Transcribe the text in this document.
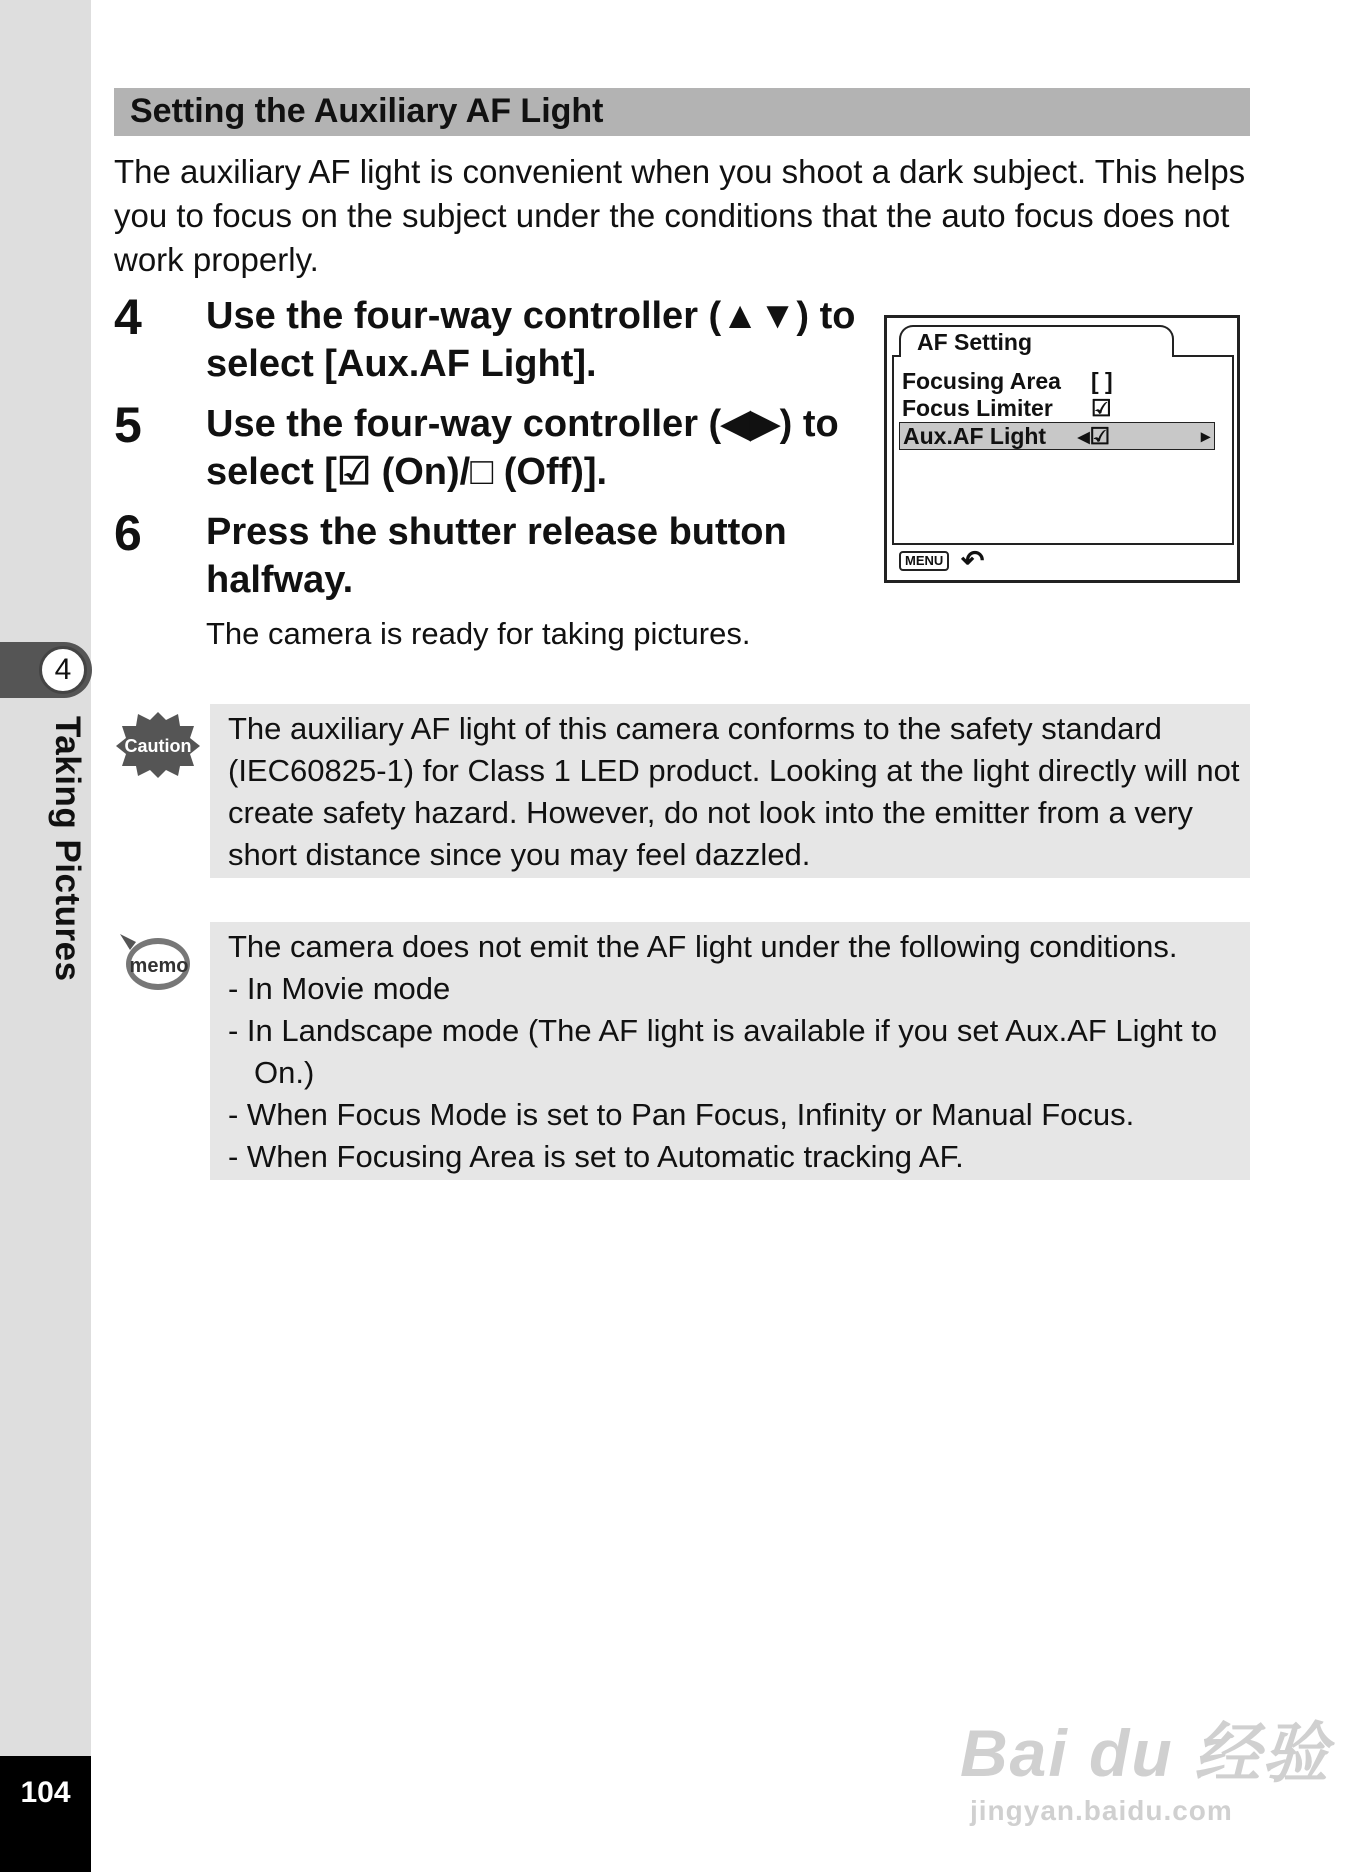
4
Taking Pictures
104
Setting the Auxiliary AF Light

The auxiliary AF light is convenient when you shoot a dark subject. This helps you to focus on the subject under the conditions that the auto focus does not work properly.

4 Use the four-way controller (▲▼) to select [Aux.AF Light].
5 Use the four-way controller (◀▶) to select [☑ (On)/□ (Off)].
6 Press the shutter release button halfway.
The camera is ready for taking pictures.
AF Setting
Focusing Area [ ]
Focus Limiter ☑
Aux.AF Light ◂☑	▸
MENU ↶
Caution The auxiliary AF light of this camera conforms to the safety standard (IEC60825-1) for Class 1 LED product. Looking at the light directly will not create safety hazard. However, do not look into the emitter from a very short distance since you may feel dazzled.

memo

The camera does not emit the AF light under the following conditions.

- In Movie mode

- In Landscape mode (The AF light is available if you set Aux.AF Light to On.)

- When Focus Mode is set to Pan Focus, Infinity or Manual Focus.

- When Focusing Area is set to Automatic tracking AF.

Bai du 经验
jingyan.baidu.com
